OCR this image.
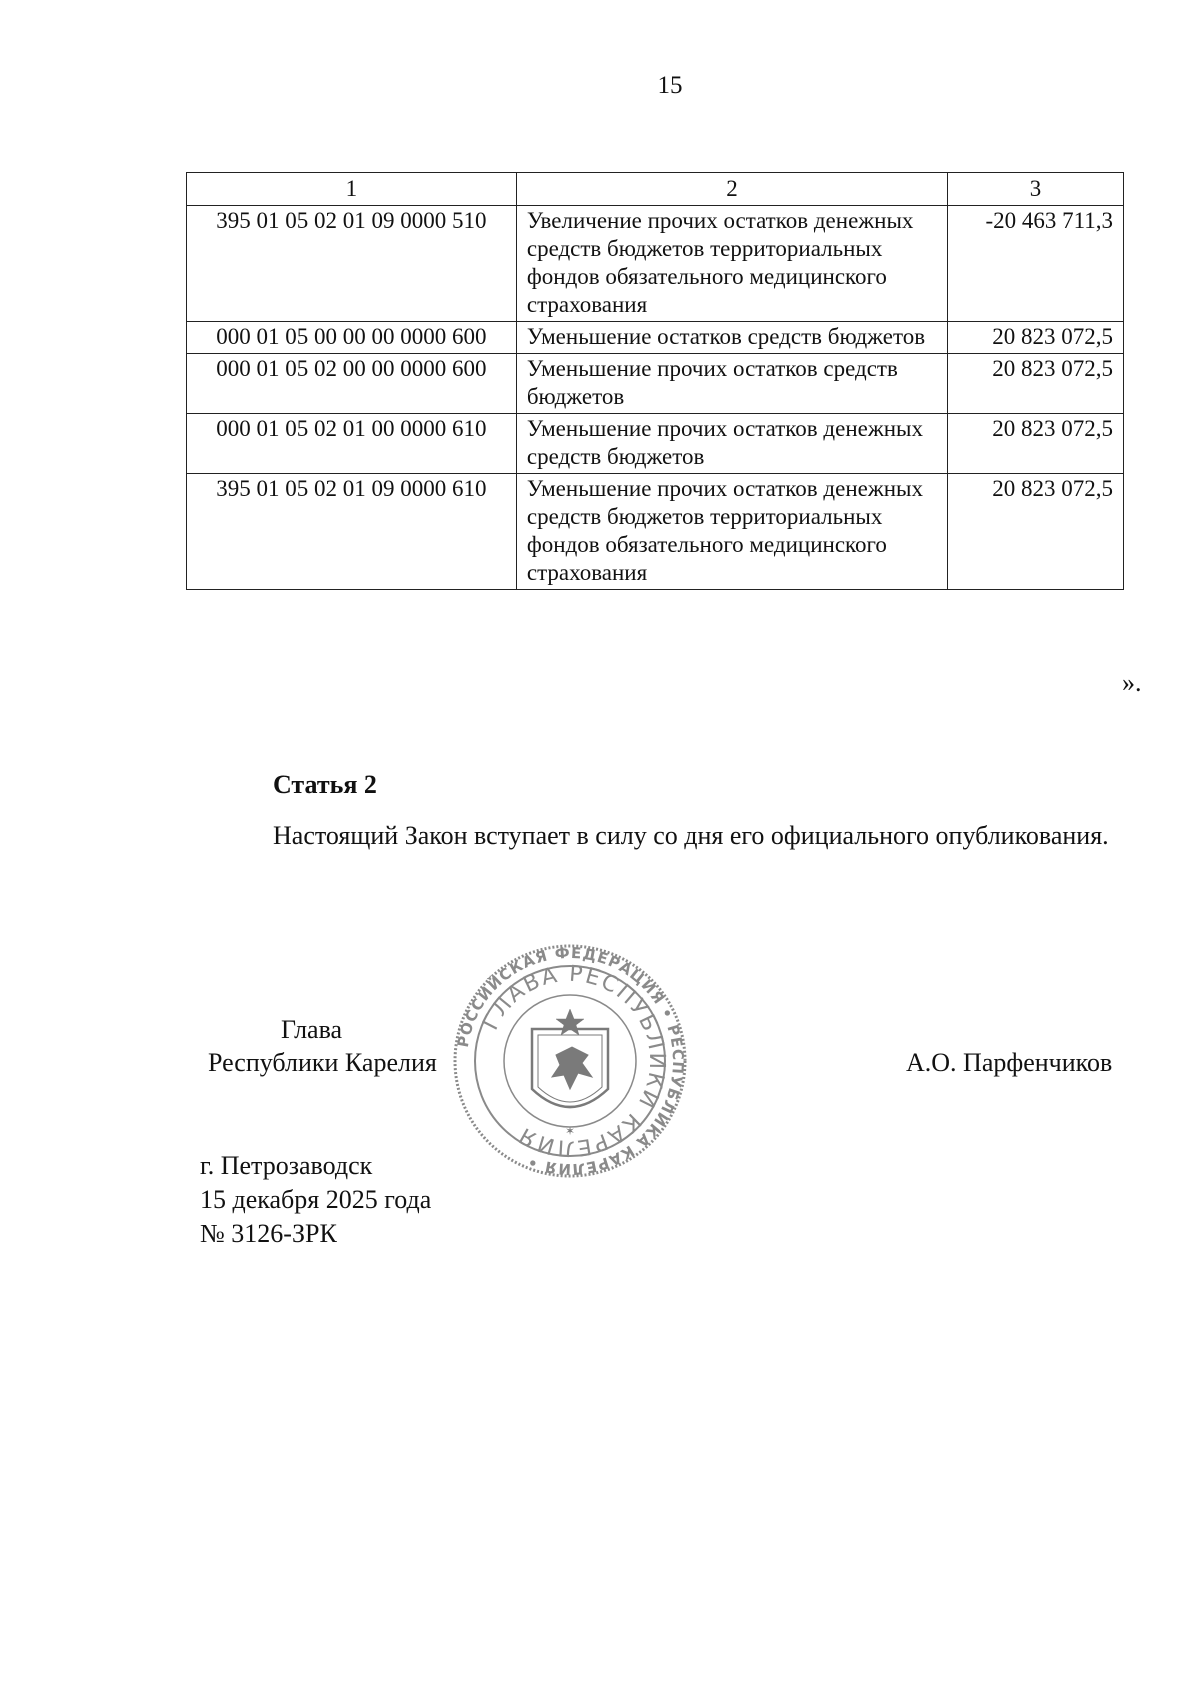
15
1	2	3
395 01 05 02 01 09 0000 510	Увеличение прочих остатков денежных средств бюджетов территориальных фондов обязательного медицинского страхования	-20 463 711,3
000 01 05 00 00 00 0000 600	Уменьшение остатков средств бюджетов	20 823 072,5
000 01 05 02 00 00 0000 600	Уменьшение прочих остатков средств бюджетов	20 823 072,5
000 01 05 02 01 00 0000 610	Уменьшение прочих остатков денежных средств бюджетов	20 823 072,5
395 01 05 02 01 09 0000 610	Уменьшение прочих остатков денежных средств бюджетов территориальных фондов обязательного медицинского страхования	20 823 072,5
».
Статья 2
Настоящий Закон вступает в силу со дня его официального опубликования.
Глава
Республики Карелия	А.О. Парфенчиков
РОССИЙСКАЯ ФЕДЕРАЦИЯ • РЕСПУБЛИКА КАРЕЛИЯ •
ГЛАВА РЕСПУБЛИКИ КАРЕЛИЯ	✶
г. Петрозаводск
15 декабря 2025 года
№ 3126-ЗРК
